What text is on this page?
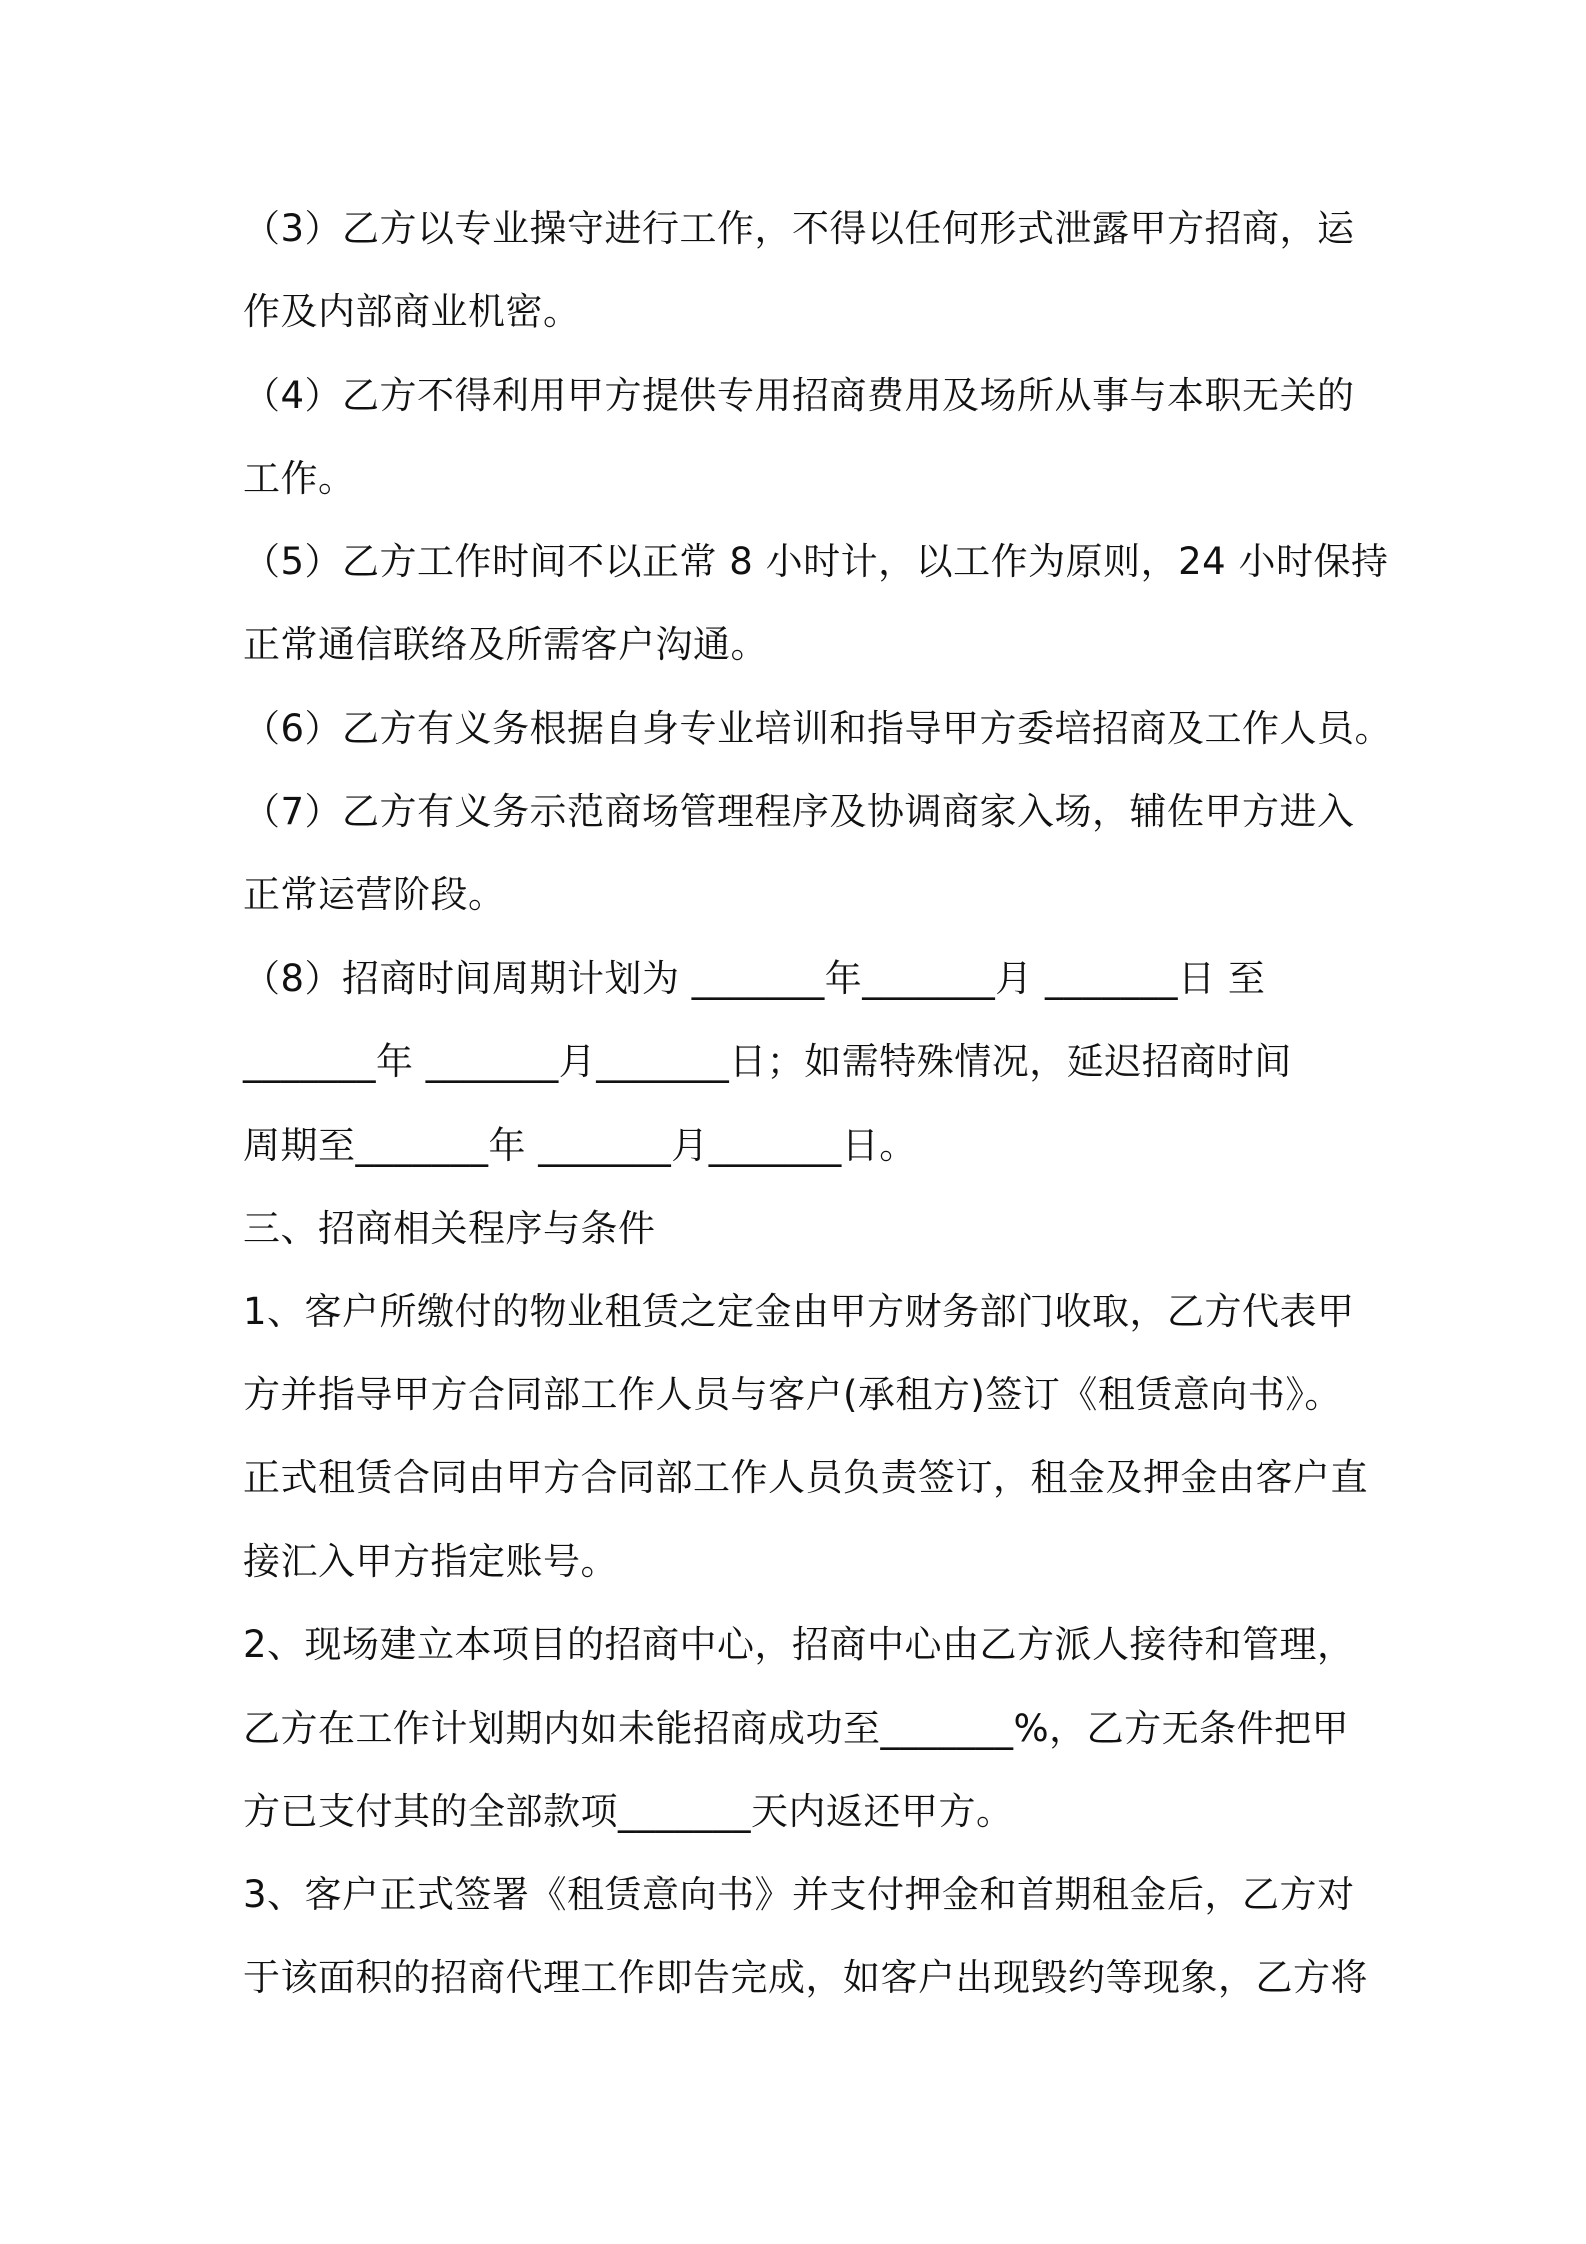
（3）乙方以专业操守进行工作，不得以任何形式泄露甲方招商，运
作及内部商业机密。
（4）乙方不得利用甲方提供专用招商费用及场所从事与本职无关的
工作。
（5）乙方工作时间不以正常 8 小时计，以工作为原则，24 小时保持
正常通信联络及所需客户沟通。
（6）乙方有义务根据自身专业培训和指导甲方委培招商及工作人员。
（7）乙方有义务示范商场管理程序及协调商家入场，辅佐甲方进入
正常运营阶段。
（8）招商时间周期计划为 _______年_______月 _______日 至
_______年 _______月_______日；如需特殊情况，延迟招商时间
周期至_______年 _______月_______日。
三、招商相关程序与条件
1、客户所缴付的物业租赁之定金由甲方财务部门收取，乙方代表甲
方并指导甲方合同部工作人员与客户(承租方)签订《租赁意向书》。
正式租赁合同由甲方合同部工作人员负责签订，租金及押金由客户直
接汇入甲方指定账号。
2、现场建立本项目的招商中心，招商中心由乙方派人接待和管理，
乙方在工作计划期内如未能招商成功至_______%，乙方无条件把甲
方已支付其的全部款项_______天内返还甲方。
3、客户正式签署《租赁意向书》并支付押金和首期租金后，乙方对
于该面积的招商代理工作即告完成，如客户出现毁约等现象，乙方将
